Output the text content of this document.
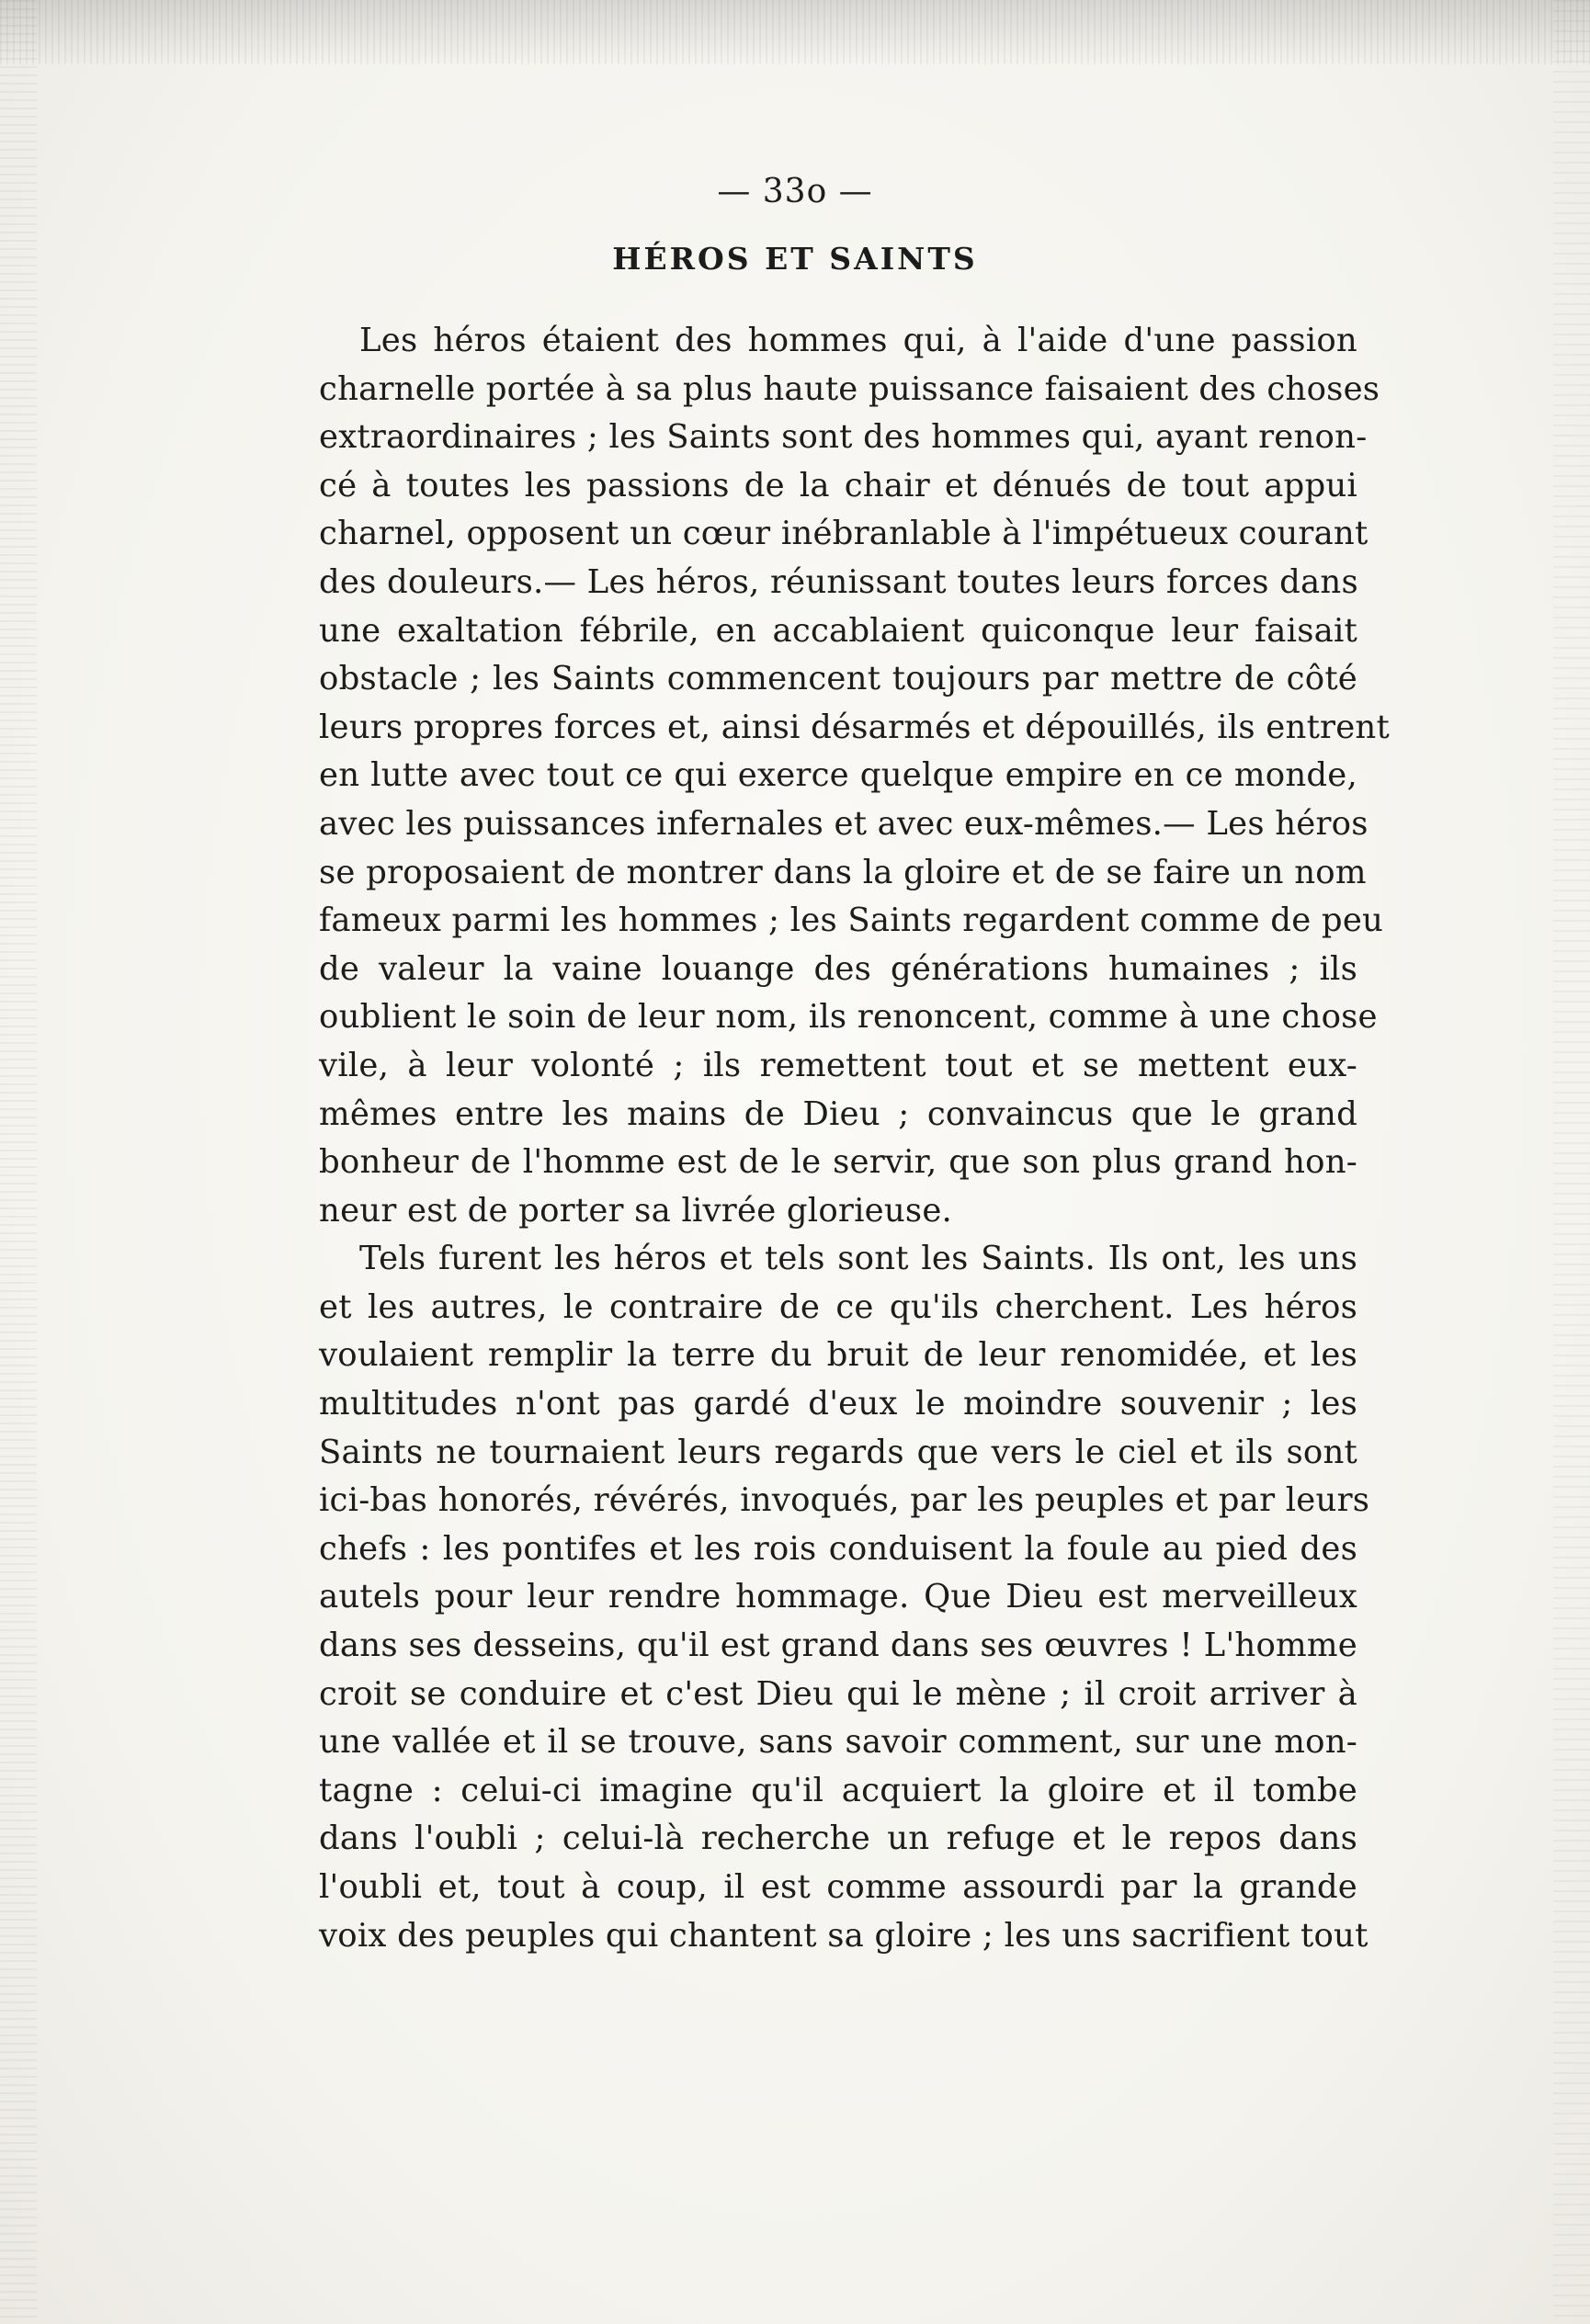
— 33o —
HÉROS ET SAINTS
Les héros étaient des hommes qui, à l'aide d'une passion
charnelle portée à sa plus haute puissance faisaient des choses
extraordinaires ; les Saints sont des hommes qui, ayant renon-
cé à toutes les passions de la chair et dénués de tout appui
charnel, opposent un cœur inébranlable à l'impétueux courant
des douleurs.— Les héros, réunissant toutes leurs forces dans
une exaltation fébrile, en accablaient quiconque leur faisait
obstacle ; les Saints commencent toujours par mettre de côté
leurs propres forces et, ainsi désarmés et dépouillés, ils entrent
en lutte avec tout ce qui exerce quelque empire en ce monde,
avec les puissances infernales et avec eux-mêmes.— Les héros
se proposaient de montrer dans la gloire et de se faire un nom
fameux parmi les hommes ; les Saints regardent comme de peu
de valeur la vaine louange des générations humaines ; ils
oublient le soin de leur nom, ils renoncent, comme à une chose
vile, à leur volonté ; ils remettent tout et se mettent eux-
mêmes entre les mains de Dieu ; convaincus que le grand
bonheur de l'homme est de le servir, que son plus grand hon-
neur est de porter sa livrée glorieuse.
Tels furent les héros et tels sont les Saints. Ils ont, les uns
et les autres, le contraire de ce qu'ils cherchent. Les héros
voulaient remplir la terre du bruit de leur renomidée, et les
multitudes n'ont pas gardé d'eux le moindre souvenir ; les
Saints ne tournaient leurs regards que vers le ciel et ils sont
ici-bas honorés, révérés, invoqués, par les peuples et par leurs
chefs : les pontifes et les rois conduisent la foule au pied des
autels pour leur rendre hommage. Que Dieu est merveilleux
dans ses desseins, qu'il est grand dans ses œuvres ! L'homme
croit se conduire et c'est Dieu qui le mène ; il croit arriver à
une vallée et il se trouve, sans savoir comment, sur une mon-
tagne : celui-ci imagine qu'il acquiert la gloire et il tombe
dans l'oubli ; celui-là recherche un refuge et le repos dans
l'oubli et, tout à coup, il est comme assourdi par la grande
voix des peuples qui chantent sa gloire ; les uns sacrifient tout
